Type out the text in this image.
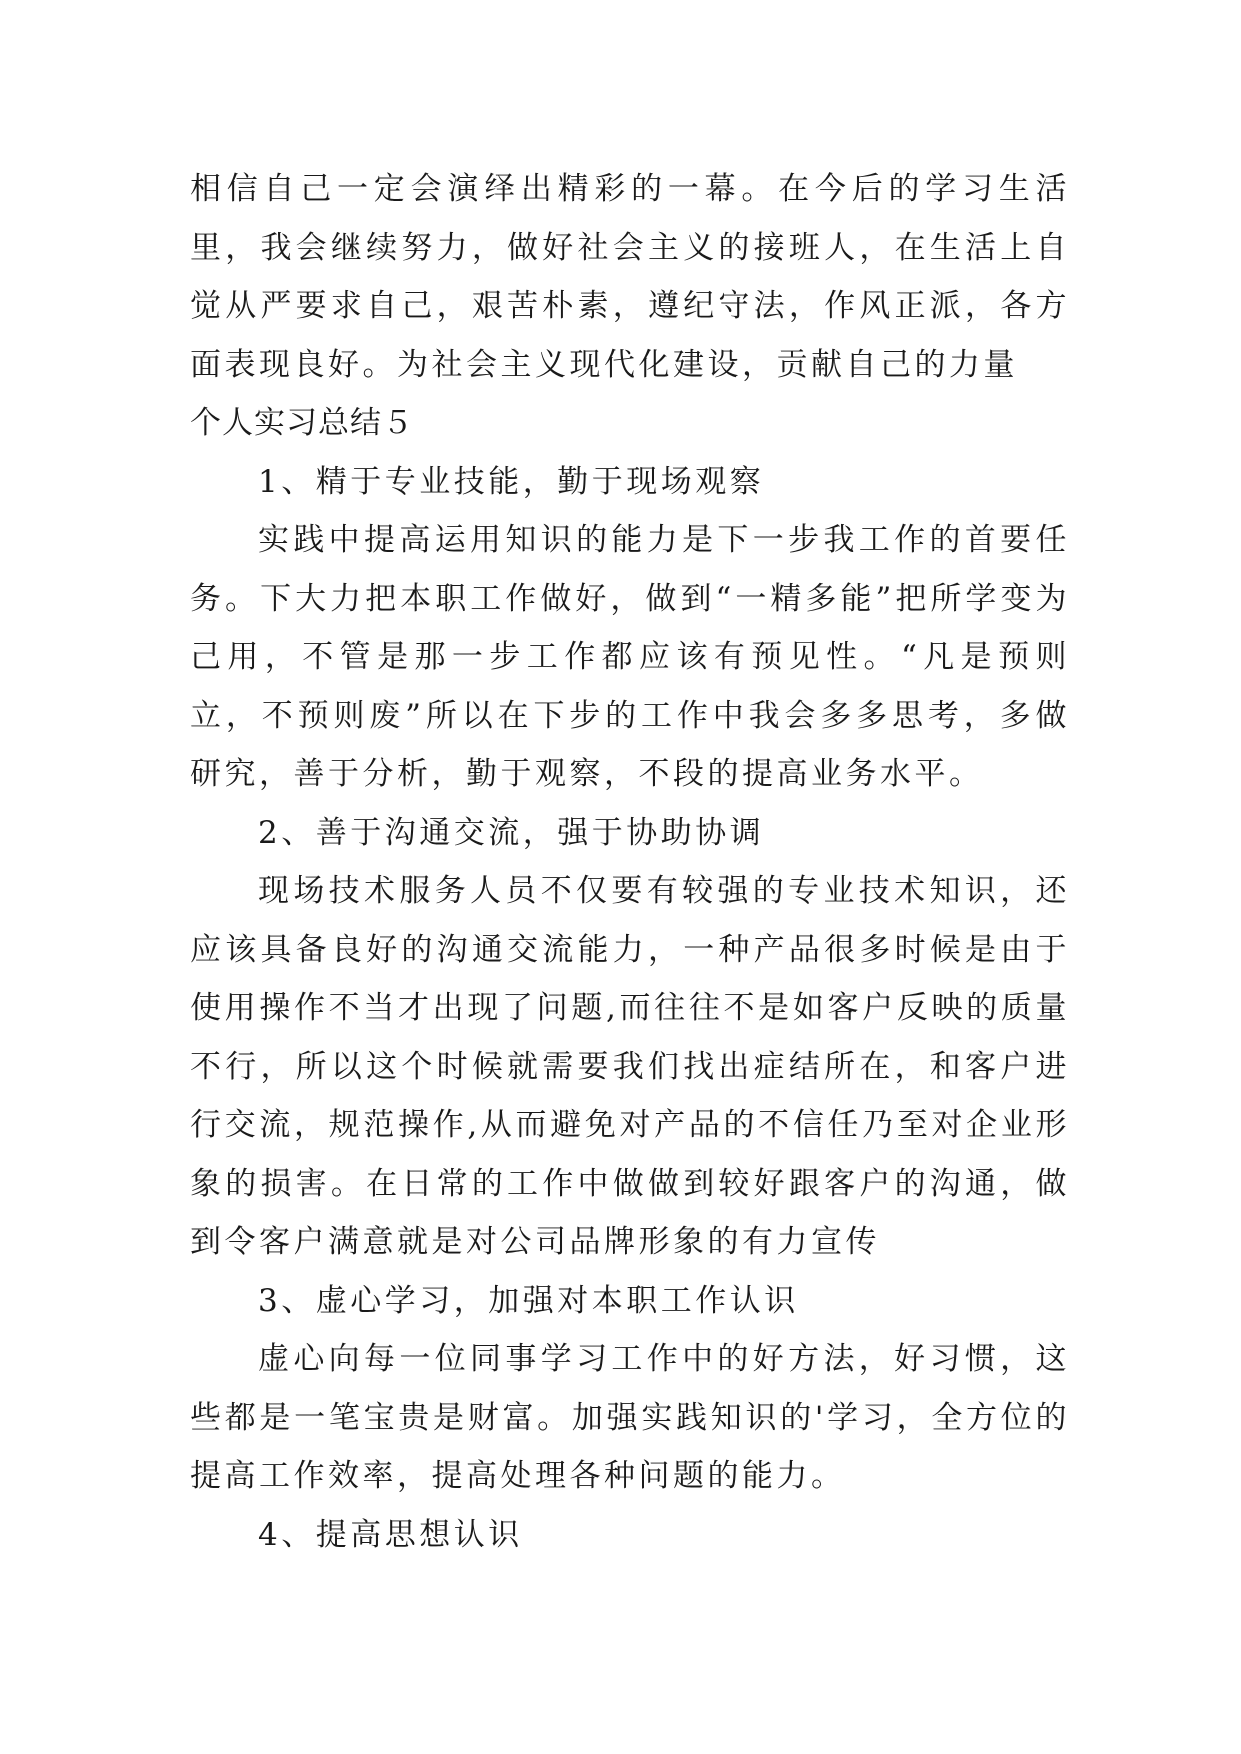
相信自己一定会演绎出精彩的一幕。在今后的学习生活里，我会继续努力，做好社会主义的接班人，在生活上自觉从严要求自己，艰苦朴素，遵纪守法，作风正派，各方面表现良好。为社会主义现代化建设，贡献自己的力量

个人实习总结５

1、精于专业技能，勤于现场观察

实践中提高运用知识的能力是下一步我工作的首要任务。下大力把本职工作做好，做到“一精多能”把所学变为己用，不管是那一步工作都应该有预见性。“凡是预则立，不预则废”所以在下步的工作中我会多多思考，多做研究，善于分析，勤于观察，不段的提高业务水平。

2、善于沟通交流，强于协助协调

现场技术服务人员不仅要有较强的专业技术知识，还应该具备良好的沟通交流能力，一种产品很多时候是由于使用操作不当才出现了问题,而往往不是如客户反映的质量不行，所以这个时候就需要我们找出症结所在，和客户进行交流，规范操作,从而避免对产品的不信任乃至对企业形象的损害。在日常的工作中做做到较好跟客户的沟通，做到令客户满意就是对公司品牌形象的有力宣传

3、虚心学习，加强对本职工作认识

虚心向每一位同事学习工作中的好方法，好习惯，这些都是一笔宝贵是财富。加强实践知识的'学习，全方位的提高工作效率，提高处理各种问题的能力。

4、提高思想认识
